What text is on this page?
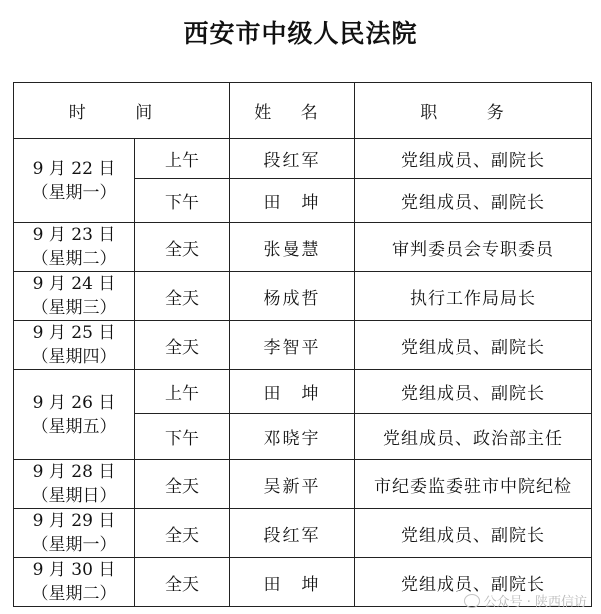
西安市中级人民法院
时 间		姓 名	职 务

9 月 22 日
（星期一）	上午	段红军	党组成员、副院长
	下午	田　坤	党组成员、副院长

9 月 23 日
（星期二）	全天	张曼慧	审判委员会专职委员

9 月 24 日
（星期三）	全天	杨成哲	执行工作局局长

9 月 25 日
（星期四）	全天	李智平	党组成员、副院长

9 月 26 日
（星期五）	上午	田　坤	党组成员、副院长
	下午	邓晓宇	党组成员、政治部主任

9 月 28 日
（星期日）	全天	吴新平	市纪委监委驻市中院纪检

9 月 29 日
（星期一）	全天	段红军	党组成员、副院长

9 月 30 日
（星期二）	全天	田　坤	党组成员、副院长
公众号 · 陕西信访
